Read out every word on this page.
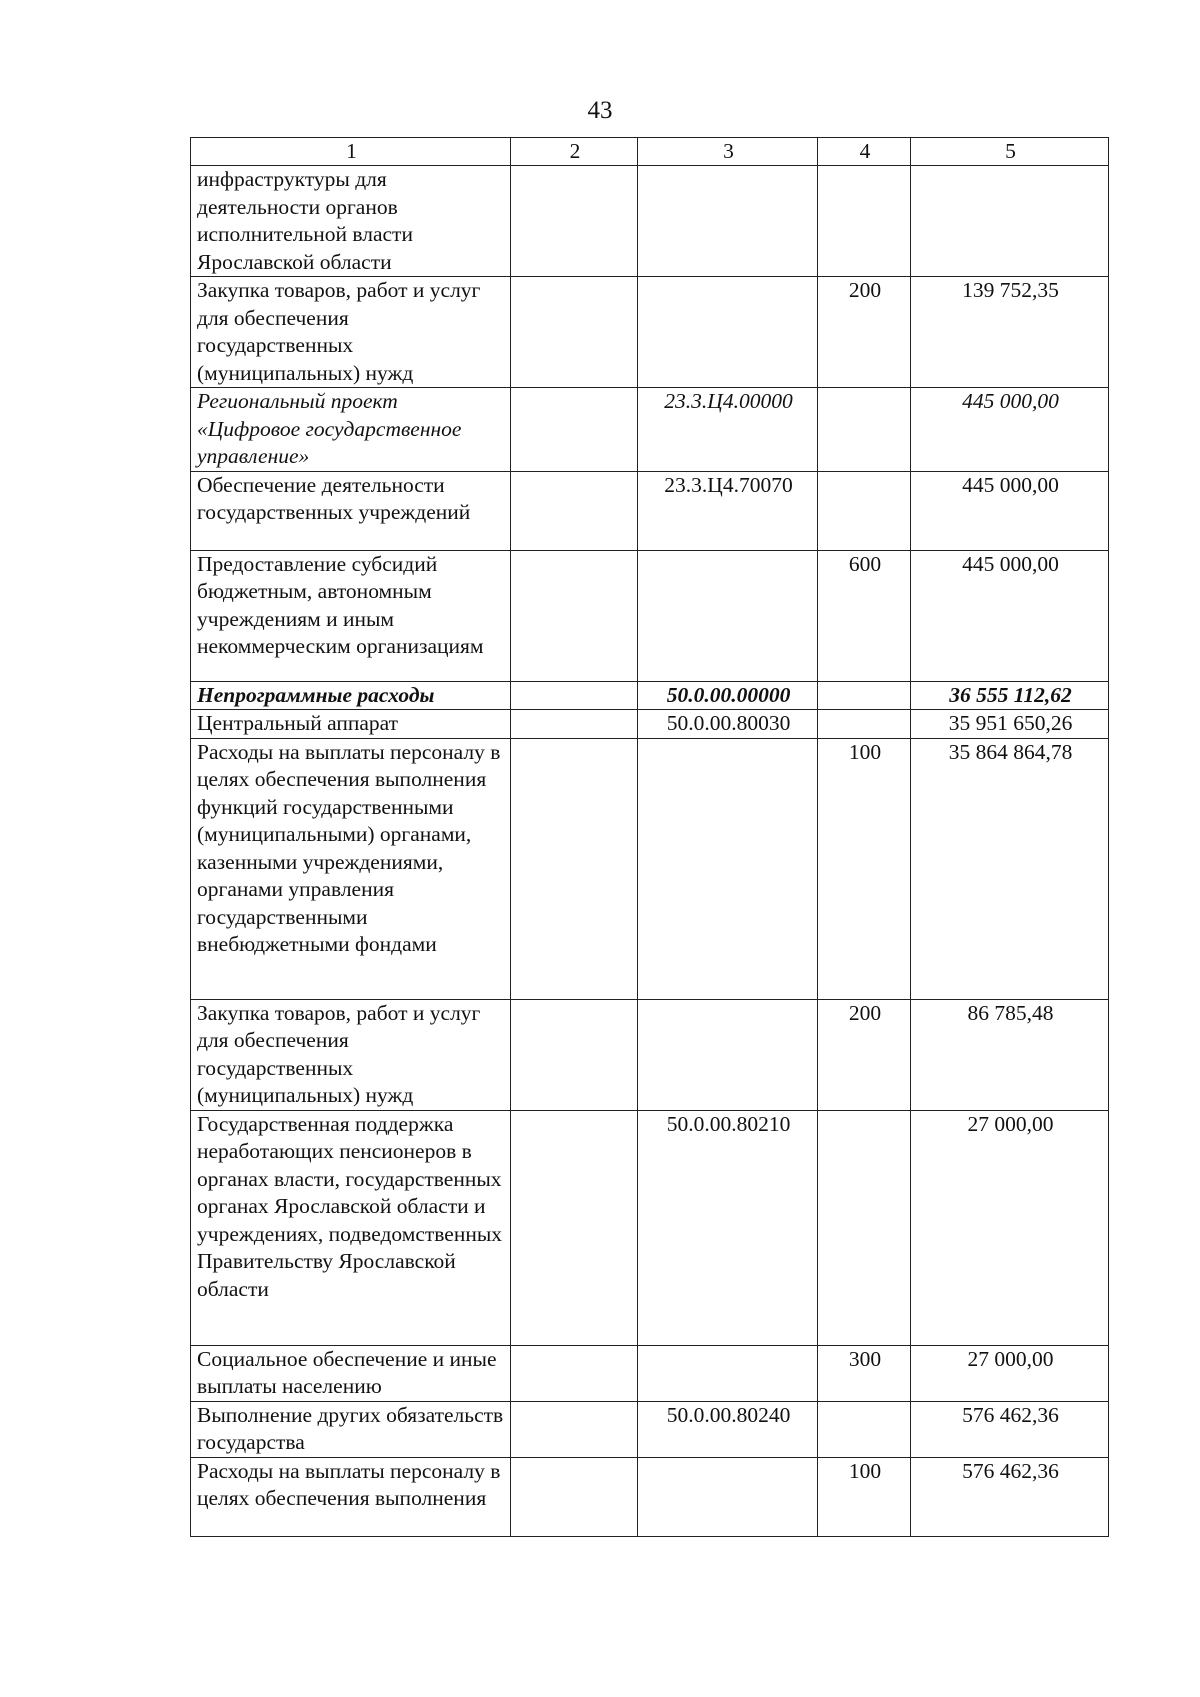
43
1	2	3	4	5
инфраструктуры для деятельности органов исполнительной власти Ярославской области				
Закупка товаров, работ и услуг для обеспечения государственных (муниципальных) нужд			200	139 752,35
Региональный проект «Цифровое государственное управление»		23.3.Ц4.00000		445 000,00
Обеспечение деятельности государственных учреждений		23.3.Ц4.70070		445 000,00
Предоставление субсидий бюджетным, автономным учреждениям и иным некоммерческим организациям			600	445 000,00
Непрограммные расходы		50.0.00.00000		36 555 112,62
Центральный аппарат		50.0.00.80030		35 951 650,26
Расходы на выплаты персоналу в целях обеспечения выполнения функций государственными (муниципальными) органами, казенными учреждениями, органами управления государственными внебюджетными фондами			100	35 864 864,78
Закупка товаров, работ и услуг для обеспечения государственных (муниципальных) нужд			200	86 785,48
Государственная поддержка неработающих пенсионеров в органах власти, государственных органах Ярославской области и учреждениях, подведомственных Правительству Ярославской области		50.0.00.80210		27 000,00
Социальное обеспечение и иные выплаты населению			300	27 000,00
Выполнение других обязательств государства		50.0.00.80240		576 462,36
Расходы на выплаты персоналу в целях обеспечения выполнения			100	576 462,36
